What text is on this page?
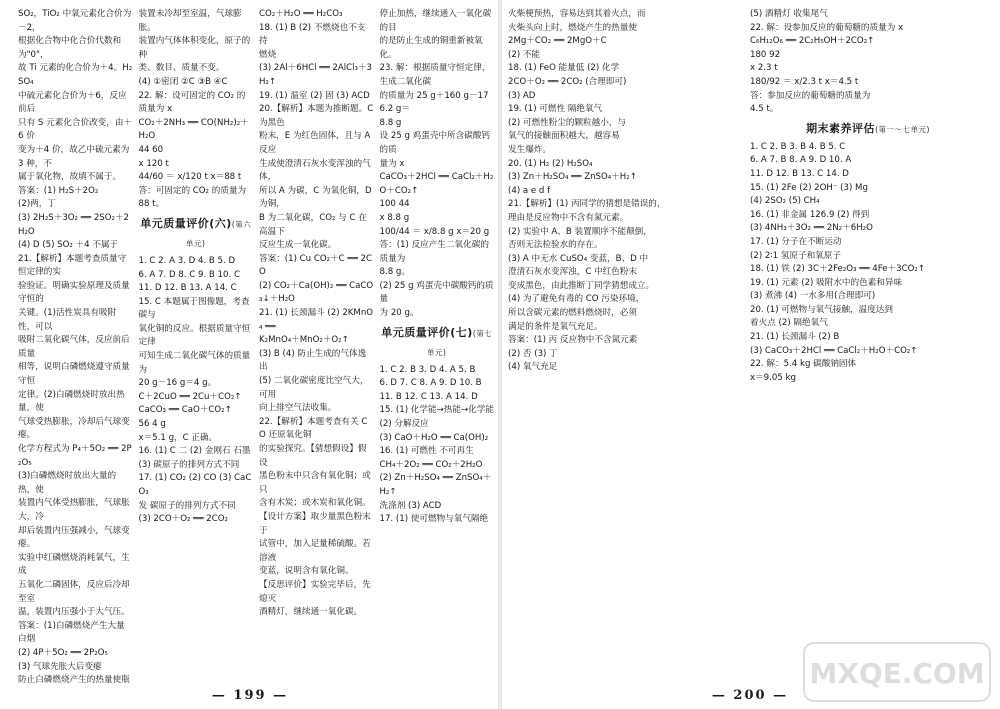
SO₂，TiO₂ 中氧元素化合价为－2，

根据化合物中化合价代数和为"0"，

故 Ti 元素的化合价为＋4。H₂SO₄

中硫元素化合价为＋6，反应前后

只有 S 元素化合价改变，由＋6 价

变为＋4 价，故乙中硫元素为 3 种，不

属于氧化物，故填不属于。

答案：(1) H₂S＋2O₂

(2)两，丁

(3) 2H₂S＋3O₂ ══ 2SO₂＋2H₂O

(4) D (5) SO₂ ＋4 不属于

21.【解析】本题考查质量守恒定律的实

验验证。明确实验原理及质量守恒的

关键。(1)活性炭具有吸附性，可以

吸附二氧化碳气体，反应前后质量

相等，说明白磷燃烧遵守质量守恒

定律。(2)白磷燃烧时放出热量，使

气球受热膨胀，冷却后气球变瘪。

化学方程式为 P₄＋5O₂ ══ 2P₂O₅

(3)白磷燃烧时放出大量的热，使

装置内气体受热膨胀，气球胀大，冷

却后装置内压强减小，气球变瘪。

实验中红磷燃烧消耗氧气，生成

五氧化二磷固体，反应后冷却至室

温，装置内压强小于大气压。

答案：(1)白磷燃烧产生大量白烟

(2) 4P＋5O₂ ══ 2P₂O₅

(3) 气球先胀大后变瘪

防止白磷燃烧产生的热量使瓶

装置未冷却至室温，气球膨胀。

装置内气体体积变化，原子的种

类、数目、质量不变。

(4) ①密闭 ②C ③B ④C

22. 解：设可固定的 CO₂ 的质量为 x

CO₂＋2NH₃ ══ CO(NH₂)₂＋H₂O

44 60

x 120 t

44/60 ＝ x/120 t x＝88 t

答：可固定的 CO₂ 的质量为 88 t。

单元质量评价(六)(第六单元)

1. C 2. A 3. D 4. B 5. D

6. A 7. D 8. C 9. B 10. C

11. D 12. B 13. A 14. C

15. C 本题属于图像题，考查碳与

氧化铜的反应。根据质量守恒定律

可知生成二氧化碳气体的质量为

20 g－16 g＝4 g。

C＋2CuO ══ 2Cu＋CO₂↑

CaCO₃ ══ CaO＋CO₂↑

56 4 g

x＝5.1 g，C 正确。

16. (1) C 二 (2) 金刚石 石墨

(3) 碳原子的排列方式不同

17. (1) CO₂ (2) CO (3) CaCO₃

发 碳原子的排列方式不同

(3) 2CO＋O₂ ══ 2CO₂

CO₂＋H₂O ══ H₂CO₃

18. (1) B (2) 不燃烧也不支持

燃烧

(3) 2Al＋6HCl ══ 2AlCl₃＋3H₂↑

19. (1) 温室 (2) 固 (3) ACD

20.【解析】本题为推断题。C 为黑色

粉末，E 为红色固体，且与 A 反应

生成使澄清石灰水变浑浊的气体，

所以 A 为碳，C 为氧化铜，D 为铜，

B 为二氧化碳，CO₂ 与 C 在高温下

反应生成一氧化碳。

答案：(1) Cu CO₂＋C ══ 2CO

(2) CO₂＋Ca(OH)₂ ══ CaCO₃↓＋H₂O

21. (1) 长颈漏斗 (2) 2KMnO₄ ══

K₂MnO₄＋MnO₂＋O₂↑

(3) B (4) 防止生成的气体逸出

(5) 二氧化碳密度比空气大，可用

向上排空气法收集。

22.【解析】本题考查有关 CO 还原氧化铜

的实验探究。【猜想假设】假设

黑色粉末中只含有氧化铜；或只

含有木炭；或木炭和氧化铜。

【设计方案】取少量黑色粉末于

试管中，加入足量稀硫酸。若溶液

变蓝，说明含有氧化铜。

【反思评价】实验完毕后，先熄灭

酒精灯，继续通一氧化碳。

停止加热，继续通入一氧化碳的目

的是防止生成的铜重新被氧化。

23. 解：根据质量守恒定律，生成二氧化碳

的质量为 25 g＋160 g－176.2 g＝

8.8 g

设 25 g 鸡蛋壳中所含碳酸钙的质

量为 x

CaCO₃＋2HCl ══ CaCl₂＋H₂O＋CO₂↑

100 44

x 8.8 g

100/44 ＝ x/8.8 g x＝20 g

答：(1) 反应产生二氧化碳的质量为

8.8 g。

(2) 25 g 鸡蛋壳中碳酸钙的质量

为 20 g。

单元质量评价(七)(第七单元)

1. C 2. B 3. D 4. A 5. B

6. D 7. C 8. A 9. D 10. B

11. B 12. C 13. A 14. D

15. (1) 化学能→热能→化学能

(2) 分解反应

(3) CaO＋H₂O ══ Ca(OH)₂

16. (1) 可燃性 不可再生

CH₄＋2O₂ ══ CO₂＋2H₂O

(2) Zn＋H₂SO₄ ══ ZnSO₄＋H₂↑

洗涤剂 (3) ACD

17. (1) 使可燃物与氧气隔绝

— 199 —

火柴梗预热，容易达到其着火点，而

火柴头向上时，燃烧产生的热量使

2Mg＋CO₂ ══ 2MgO＋C

(2) 不能

18. (1) FeO 能量低 (2) 化学

2CO＋O₂ ══ 2CO₂ (合理即可)

(3) AD

19. (1) 可燃性 隔绝氧气

(2) 可燃性粉尘的颗粒越小，与

氧气的接触面积越大，越容易

发生爆炸。

20. (1) H₂ (2) H₂SO₄

(3) Zn＋H₂SO₄ ══ ZnSO₄＋H₂↑

(4) a e d f

21.【解析】(1) 丙同学的猜想是错误的，

理由是反应物中不含有氮元素。

(2) 实验中 A、B 装置顺序不能颠倒，

否则无法检验水的存在。

(3) A 中无水 CuSO₄ 变蓝，B、D 中

澄清石灰水变浑浊，C 中红色粉末

变成黑色，由此推断丁同学猜想成立。

(4) 为了避免有毒的 CO 污染环境，

所以含碳元素的燃料燃烧时，必须

满足的条件是氧气充足。

答案：(1) 丙 反应物中不含氮元素

(2) 否 (3) 丁

(4) 氧气充足

(5) 酒精灯 收集尾气

22. 解：设参加反应的葡萄糖的质量为 x

C₆H₁₂O₆ ══ 2C₂H₅OH＋2CO₂↑

180 92

x 2.3 t

180/92 ＝ x/2.3 t x＝4.5 t

答：参加反应的葡萄糖的质量为

4.5 t。

期末素养评估(第一～七单元)

1. C 2. B 3. B 4. B 5. C

6. A 7. B 8. A 9. D 10. A

11. D 12. B 13. C 14. D

15. (1) 2Fe (2) 2OH⁻ (3) Mg

(4) 2SO₂ (5) CH₄

16. (1) 非金属 126.9 (2) 得到

(3) 4NH₃＋3O₂ ══ 2N₂＋6H₂O

17. (1) 分子在不断运动

(2) 2∶1 氢原子和氧原子

18. (1) 铁 (2) 3C＋2Fe₂O₃ ══ 4Fe＋3CO₂↑

19. (1) 元素 (2) 吸附水中的色素和异味

(3) 煮沸 (4) 一水多用(合理即可)

20. (1) 可燃物与氧气接触，温度达到

着火点 (2) 隔绝氧气

21. (1) 长颈漏斗 (2) B

(3) CaCO₃＋2HCl ══ CaCl₂＋H₂O＋CO₂↑

22. 解：5.4 kg 碳酸钠固体

x＝9.05 kg

— 200 —
MXQE.COM
